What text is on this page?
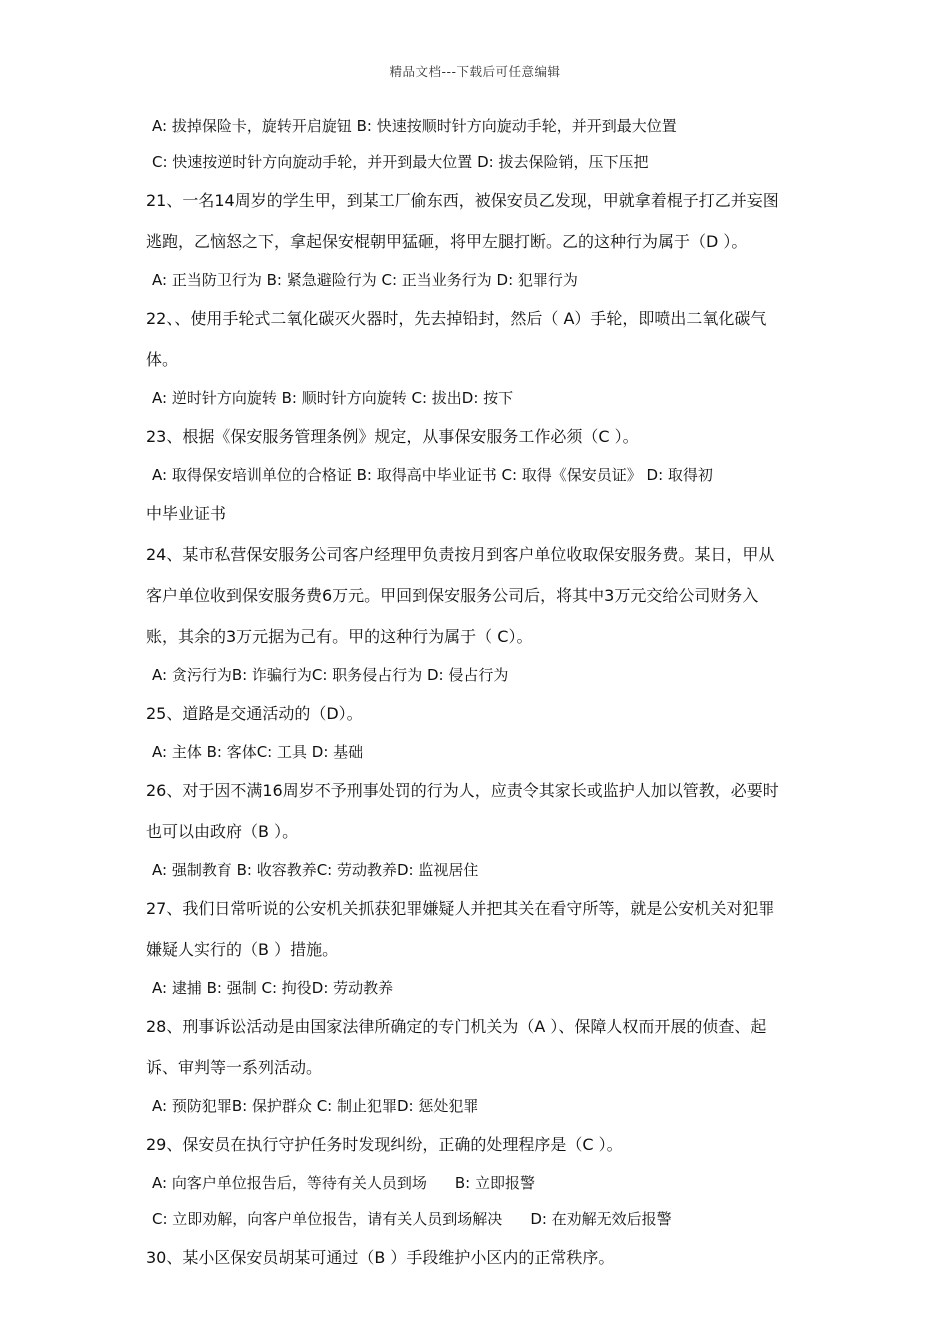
精品文档---下载后可任意编辑
A: 拔掉保险卡，旋转开启旋钮 B: 快速按顺时针方向旋动手轮，并开到最大位置
C: 快速按逆时针方向旋动手轮，并开到最大位置 D: 拔去保险销，压下压把
21、一名14周岁的学生甲，到某工厂偷东西，被保安员乙发现，甲就拿着棍子打乙并妄图
逃跑，乙恼怒之下，拿起保安棍朝甲猛砸，将甲左腿打断。乙的这种行为属于（D ）。
A: 正当防卫行为 B: 紧急避险行为 C: 正当业务行为 D: 犯罪行为
22、、使用手轮式二氧化碳灭火器时，先去掉铅封，然后（ A）手轮，即喷出二氧化碳气
体。
A: 逆时针方向旋转 B: 顺时针方向旋转 C: 拔出D: 按下
23、根据《保安服务管理条例》规定，从事保安服务工作必须（C ）。
A: 取得保安培训单位的合格证 B: 取得高中毕业证书 C: 取得《保安员证》 D: 取得初
中毕业证书
24、某市私营保安服务公司客户经理甲负责按月到客户单位收取保安服务费。某日，甲从
客户单位收到保安服务费6万元。甲回到保安服务公司后，将其中3万元交给公司财务入
账，其余的3万元据为己有。甲的这种行为属于（ C）。
A: 贪污行为B: 诈骗行为C: 职务侵占行为 D: 侵占行为
25、道路是交通活动的（D）。
A: 主体 B: 客体C: 工具 D: 基础
26、对于因不满16周岁不予刑事处罚的行为人，应责令其家长或监护人加以管教，必要时
也可以由政府（B ）。
A: 强制教育 B: 收容教养C: 劳动教养D: 监视居住
27、我们日常听说的公安机关抓获犯罪嫌疑人并把其关在看守所等，就是公安机关对犯罪
嫌疑人实行的（B ）措施。
A: 逮捕 B: 强制 C: 拘役D: 劳动教养
28、刑事诉讼活动是由国家法律所确定的专门机关为（A ）、保障人权而开展的侦查、起
诉、审判等一系列活动。
A: 预防犯罪B: 保护群众 C: 制止犯罪D: 惩处犯罪
29、保安员在执行守护任务时发现纠纷，正确的处理程序是（C ）。
A: 向客户单位报告后，等待有关人员到场 B: 立即报警
C: 立即劝解，向客户单位报告，请有关人员到场解决 D: 在劝解无效后报警
30、某小区保安员胡某可通过（B ）手段维护小区内的正常秩序。
